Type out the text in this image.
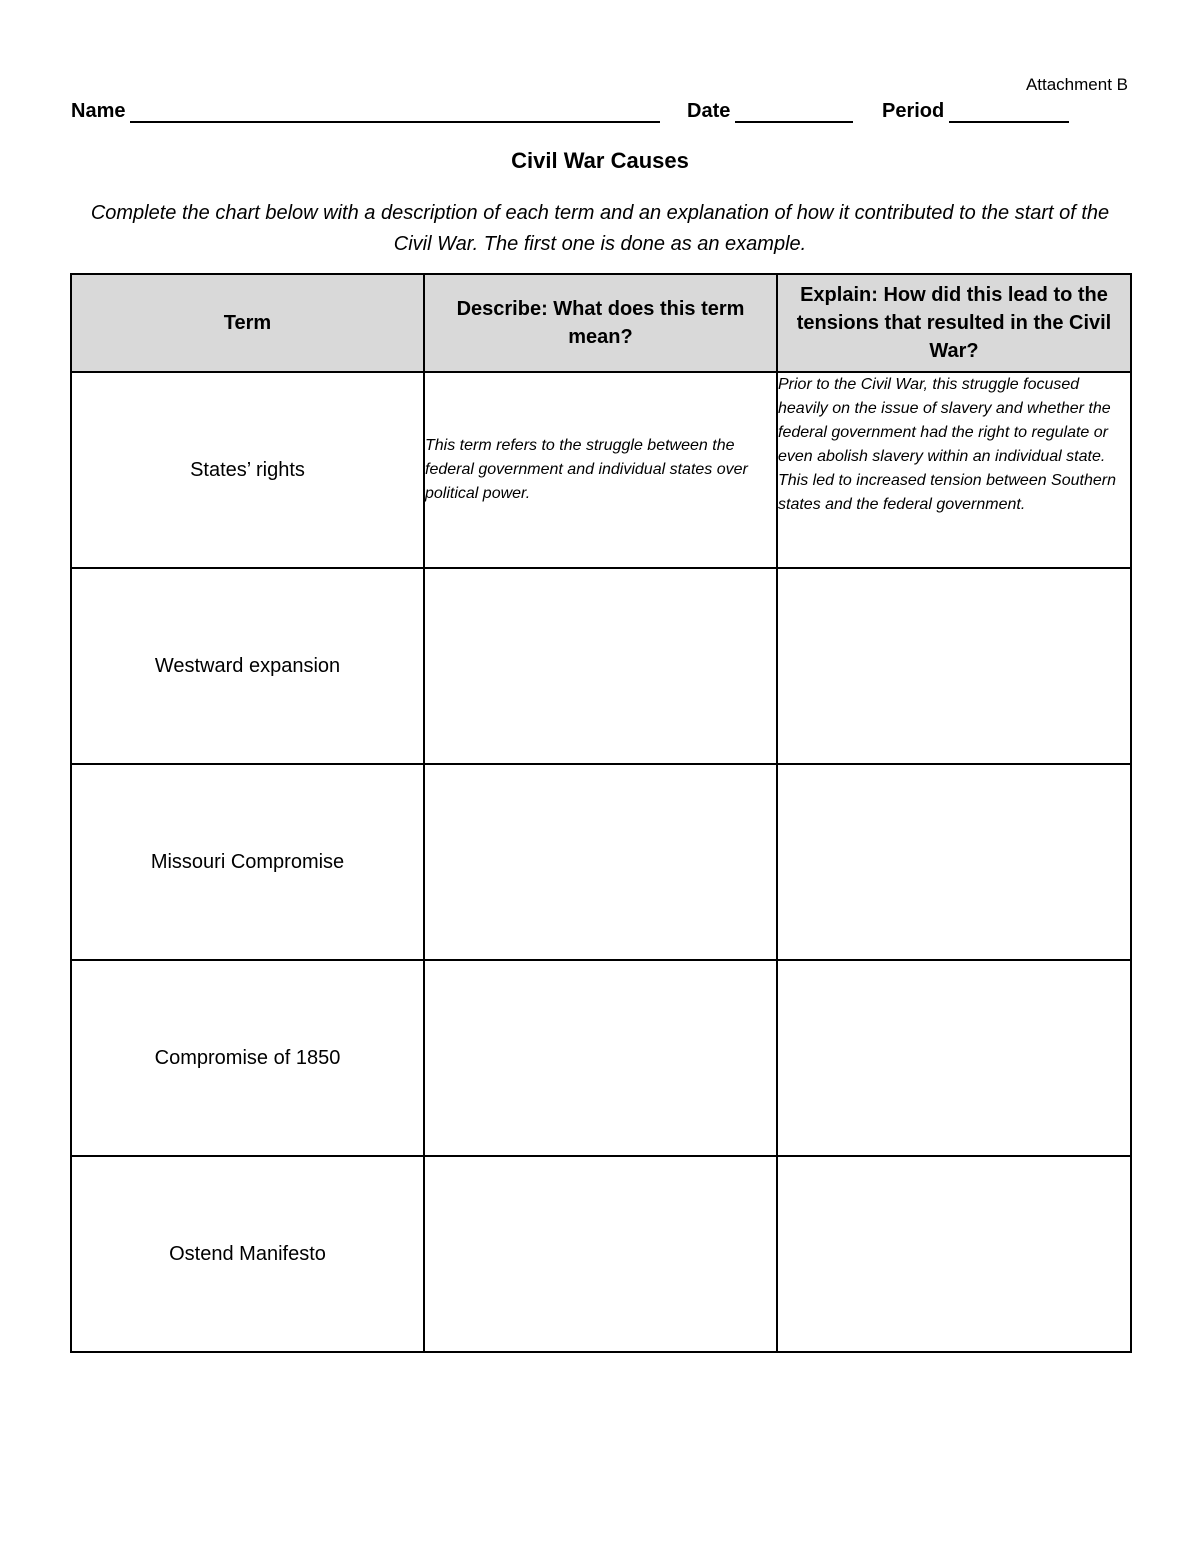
Attachment B
Name	Date	Period
Civil War Causes
Complete the chart below with a description of each term and an explanation of how it contributed to the start of the Civil War. The first one is done as an example.
Term	Describe: What does this term mean?	Explain: How did this lead to the tensions that resulted in the Civil War?
States’ rights	This term refers to the struggle between the federal government and individual states over political power.	Prior to the Civil War, this struggle focused heavily on the issue of slavery and whether the federal government had the right to regulate or even abolish slavery within an individual state. This led to increased tension between Southern states and the federal government.
Westward expansion		
Missouri Compromise		
Compromise of 1850		
Ostend Manifesto		
